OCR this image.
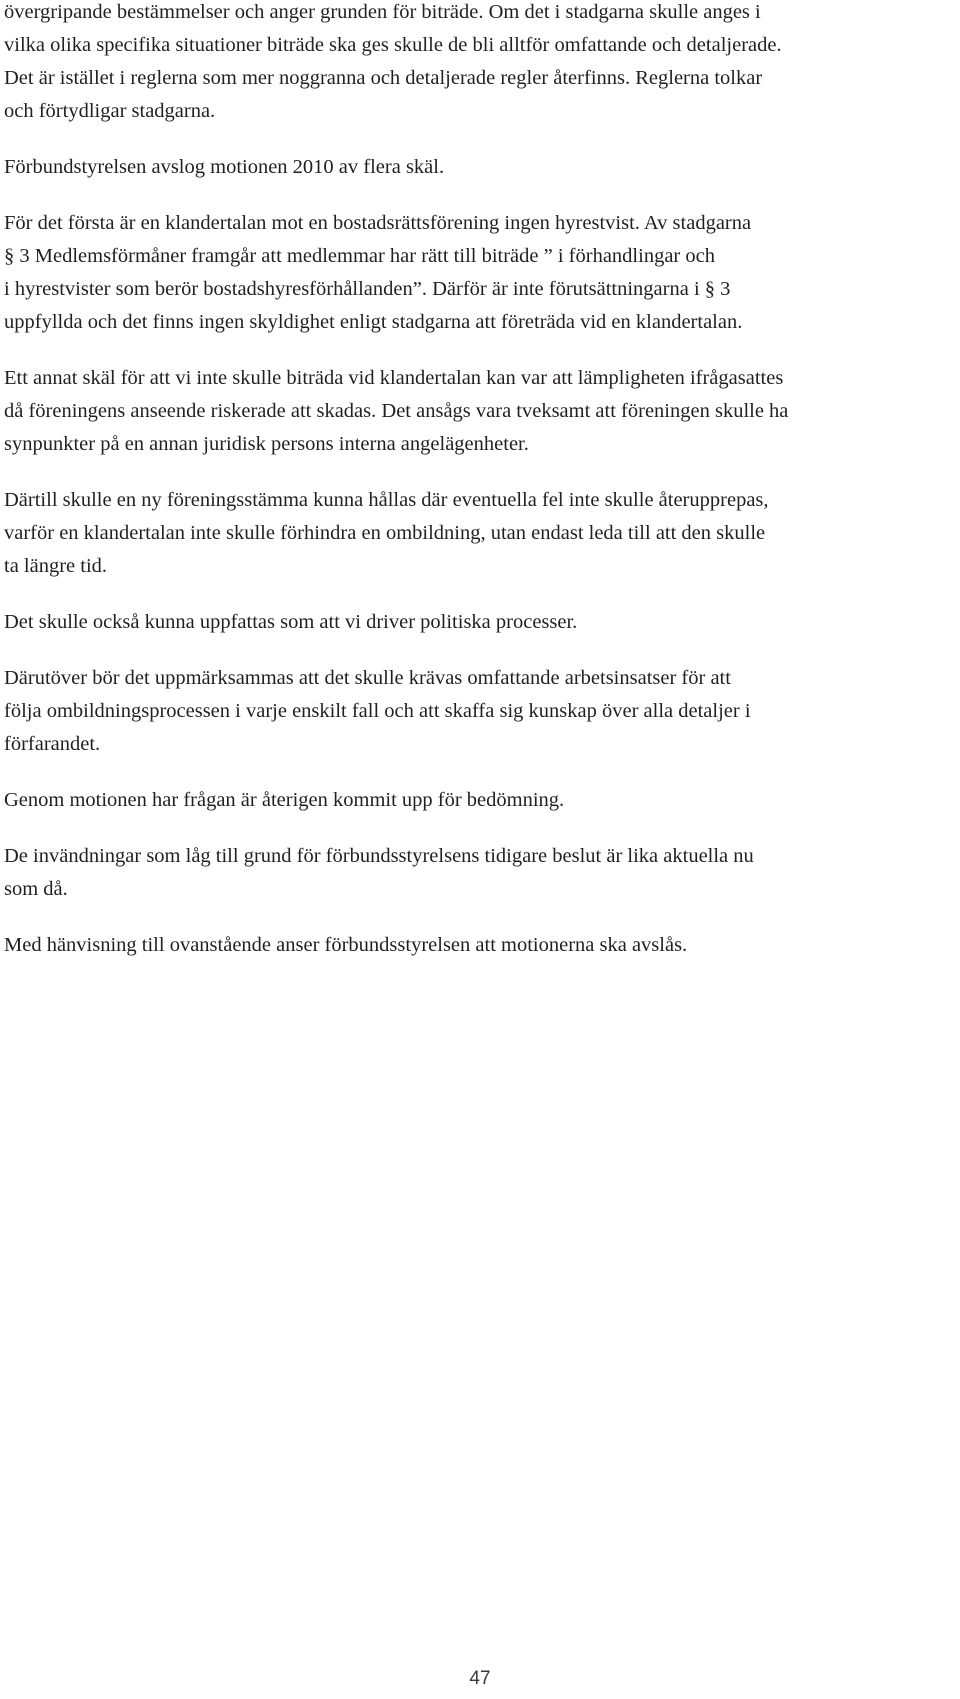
övergripande bestämmelser och anger grunden för biträde. Om det i stadgarna skulle anges i
vilka olika specifika situationer biträde ska ges skulle de bli alltför omfattande och detaljerade.
Det är istället i reglerna som mer noggranna och detaljerade regler återfinns. Reglerna tolkar
och förtydligar stadgarna.

Förbundstyrelsen avslog motionen 2010 av flera skäl.

För det första är en klandertalan mot en bostadsrättsförening ingen hyrestvist. Av stadgarna
§ 3 Medlemsförmåner framgår att medlemmar har rätt till biträde ” i förhandlingar och
i hyrestvister som berör bostadshyresförhållanden”. Därför är inte förutsättningarna i § 3
uppfyllda och det finns ingen skyldighet enligt stadgarna att företräda vid en klandertalan.

Ett annat skäl för att vi inte skulle biträda vid klandertalan kan var att lämpligheten ifrågasattes
då föreningens anseende riskerade att skadas. Det ansågs vara tveksamt att föreningen skulle ha
synpunkter på en annan juridisk persons interna angelägenheter.

Därtill skulle en ny föreningsstämma kunna hållas där eventuella fel inte skulle återupprepas,
varför en klandertalan inte skulle förhindra en ombildning, utan endast leda till att den skulle
ta längre tid.

Det skulle också kunna uppfattas som att vi driver politiska processer.

Därutöver bör det uppmärksammas att det skulle krävas omfattande arbetsinsatser för att
följa ombildningsprocessen i varje enskilt fall och att skaffa sig kunskap över alla detaljer i
förfarandet.

Genom motionen har frågan är återigen kommit upp för bedömning.

De invändningar som låg till grund för förbundsstyrelsens tidigare beslut är lika aktuella nu
som då.

Med hänvisning till ovanstående anser förbundsstyrelsen att motionerna ska avslås.

47
